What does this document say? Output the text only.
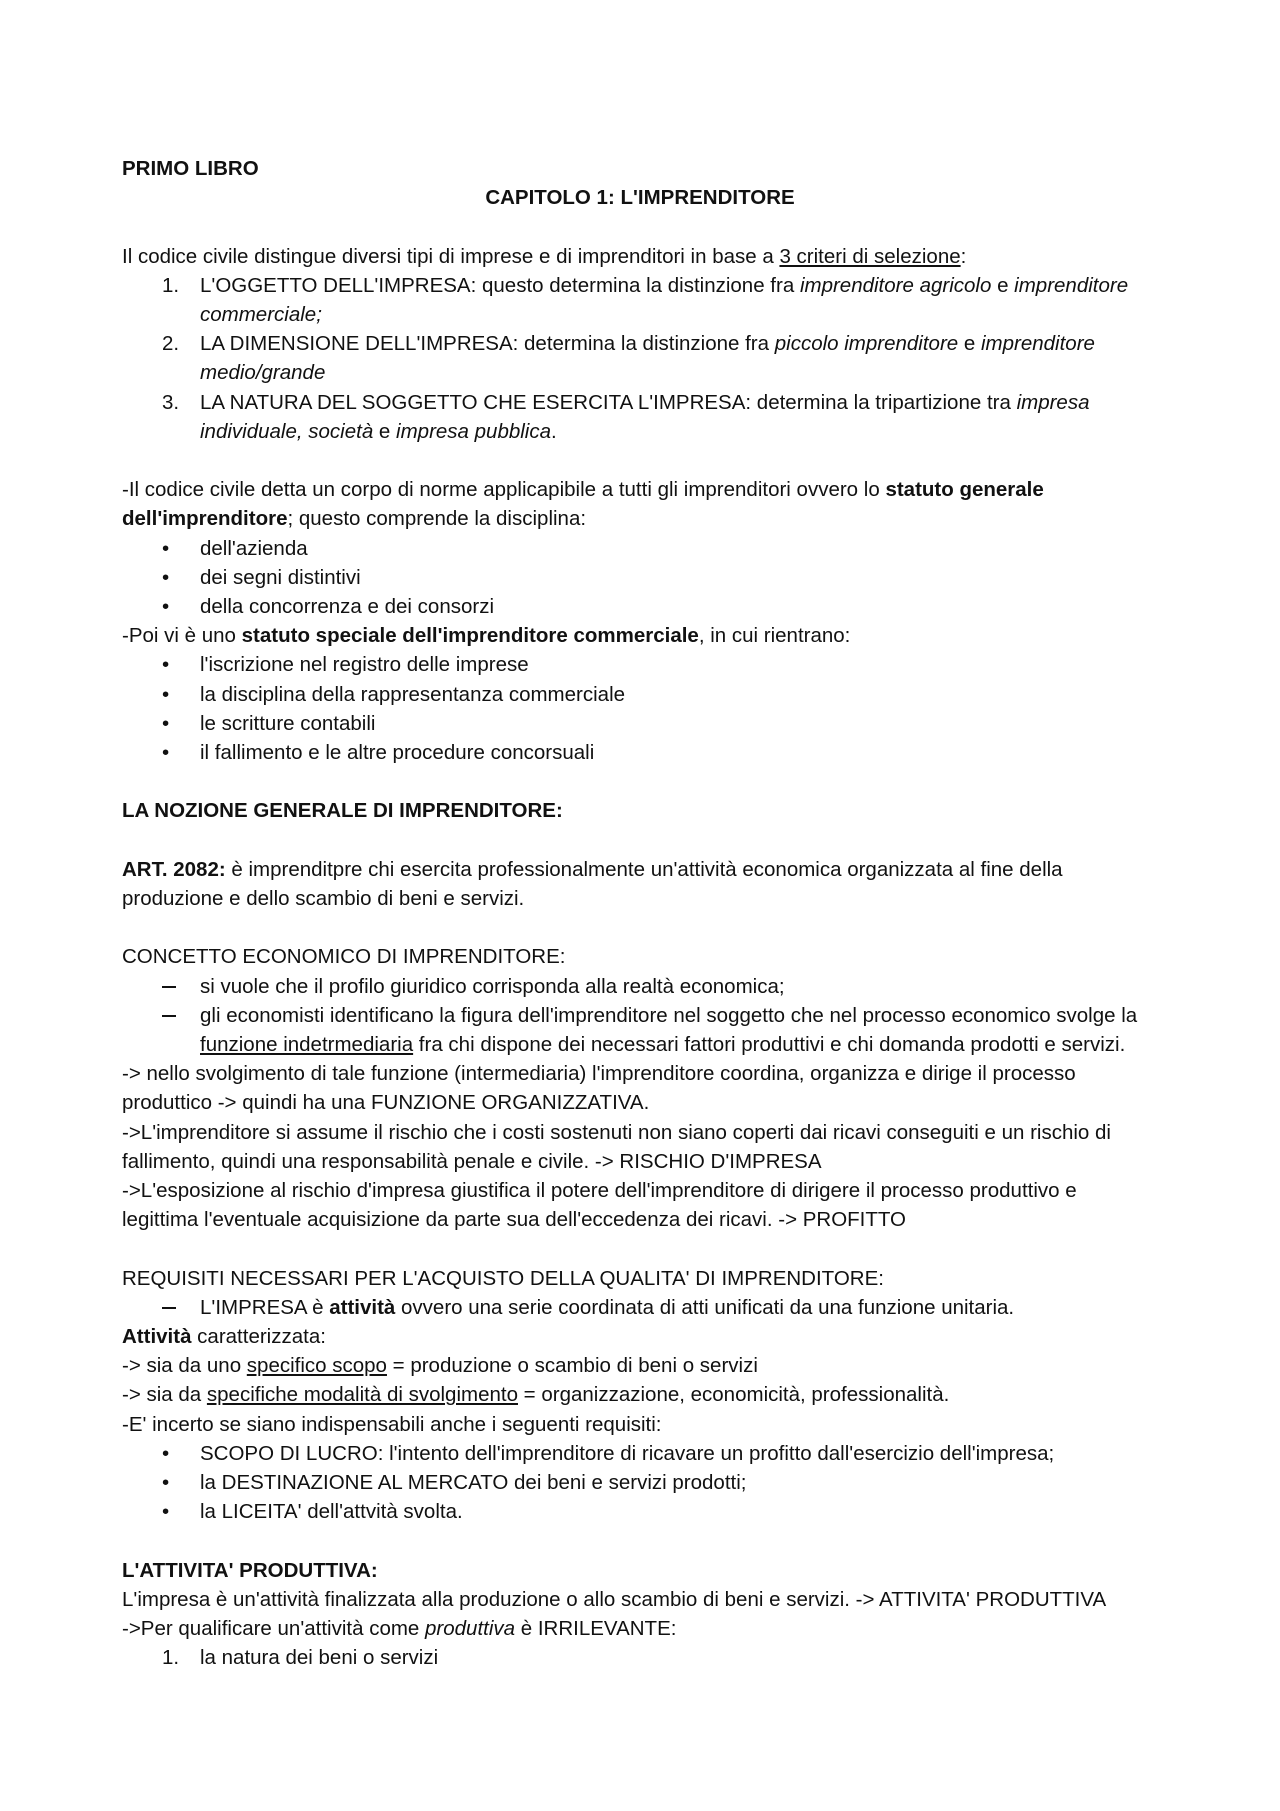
PRIMO LIBRO

CAPITOLO 1: L'IMPRENDITORE

Il codice civile distingue diversi tipi di imprese e di imprenditori in base a 3 criteri di selezione:

1.	L'OGGETTO DELL'IMPRESA: questo determina la distinzione fra imprenditore agricolo e imprenditore commerciale;
2.	LA DIMENSIONE DELL'IMPRESA: determina la distinzione fra piccolo imprenditore e imprenditore medio/grande
3.	LA NATURA DEL SOGGETTO CHE ESERCITA L'IMPRESA: determina la tripartizione tra impresa individuale, società e impresa pubblica.

-Il codice civile detta un corpo di norme applicapibile a tutti gli imprenditori ovvero lo statuto generale dell'imprenditore; questo comprende la disciplina:

•	dell'azienda
•	dei segni distintivi
•	della concorrenza e dei consorzi

-Poi vi è uno statuto speciale dell'imprenditore commerciale, in cui rientrano:

•	l'iscrizione nel registro delle imprese
•	la disciplina della rappresentanza commerciale
•	le scritture contabili
•	il fallimento e le altre procedure concorsuali

LA NOZIONE GENERALE DI IMPRENDITORE:

ART. 2082: è imprenditpre chi esercita professionalmente un'attività economica organizzata al fine della produzione e dello scambio di beni e servizi.

CONCETTO ECONOMICO DI IMPRENDITORE:

si vuole che il profilo giuridico corrisponda alla realtà economica;
gli economisti identificano la figura dell'imprenditore nel soggetto che nel processo economico svolge la funzione indetrmediaria fra chi dispone dei necessari fattori produttivi e chi domanda prodotti e servizi.

-> nello svolgimento di tale funzione (intermediaria) l'imprenditore coordina, organizza e dirige il processo produttico -> quindi ha una FUNZIONE ORGANIZZATIVA.

->L'imprenditore si assume il rischio che i costi sostenuti non siano coperti dai ricavi conseguiti e un rischio di fallimento, quindi una responsabilità penale e civile. -> RISCHIO D'IMPRESA

->L'esposizione al rischio d'impresa giustifica il potere dell'imprenditore di dirigere il processo produttivo e legittima l'eventuale acquisizione da parte sua dell'eccedenza dei ricavi. -> PROFITTO

REQUISITI NECESSARI PER L'ACQUISTO DELLA QUALITA' DI IMPRENDITORE:

L'IMPRESA è attività ovvero una serie coordinata di atti unificati da una funzione unitaria.

Attività caratterizzata:

-> sia da uno specifico scopo = produzione o scambio di beni o servizi

-> sia da specifiche modalità di svolgimento = organizzazione, economicità, professionalità.

-E' incerto se siano indispensabili anche i seguenti requisiti:

•	SCOPO DI LUCRO: l'intento dell'imprenditore di ricavare un profitto dall'esercizio dell'impresa;
•	la DESTINAZIONE AL MERCATO dei beni e servizi prodotti;
•	la LICEITA' dell'attvità svolta.

L'ATTIVITA' PRODUTTIVA:

L'impresa è un'attività finalizzata alla produzione o allo scambio di beni e servizi. -> ATTIVITA' PRODUTTIVA

->Per qualificare un'attività come produttiva è IRRILEVANTE:

1.	la natura dei beni o servizi
